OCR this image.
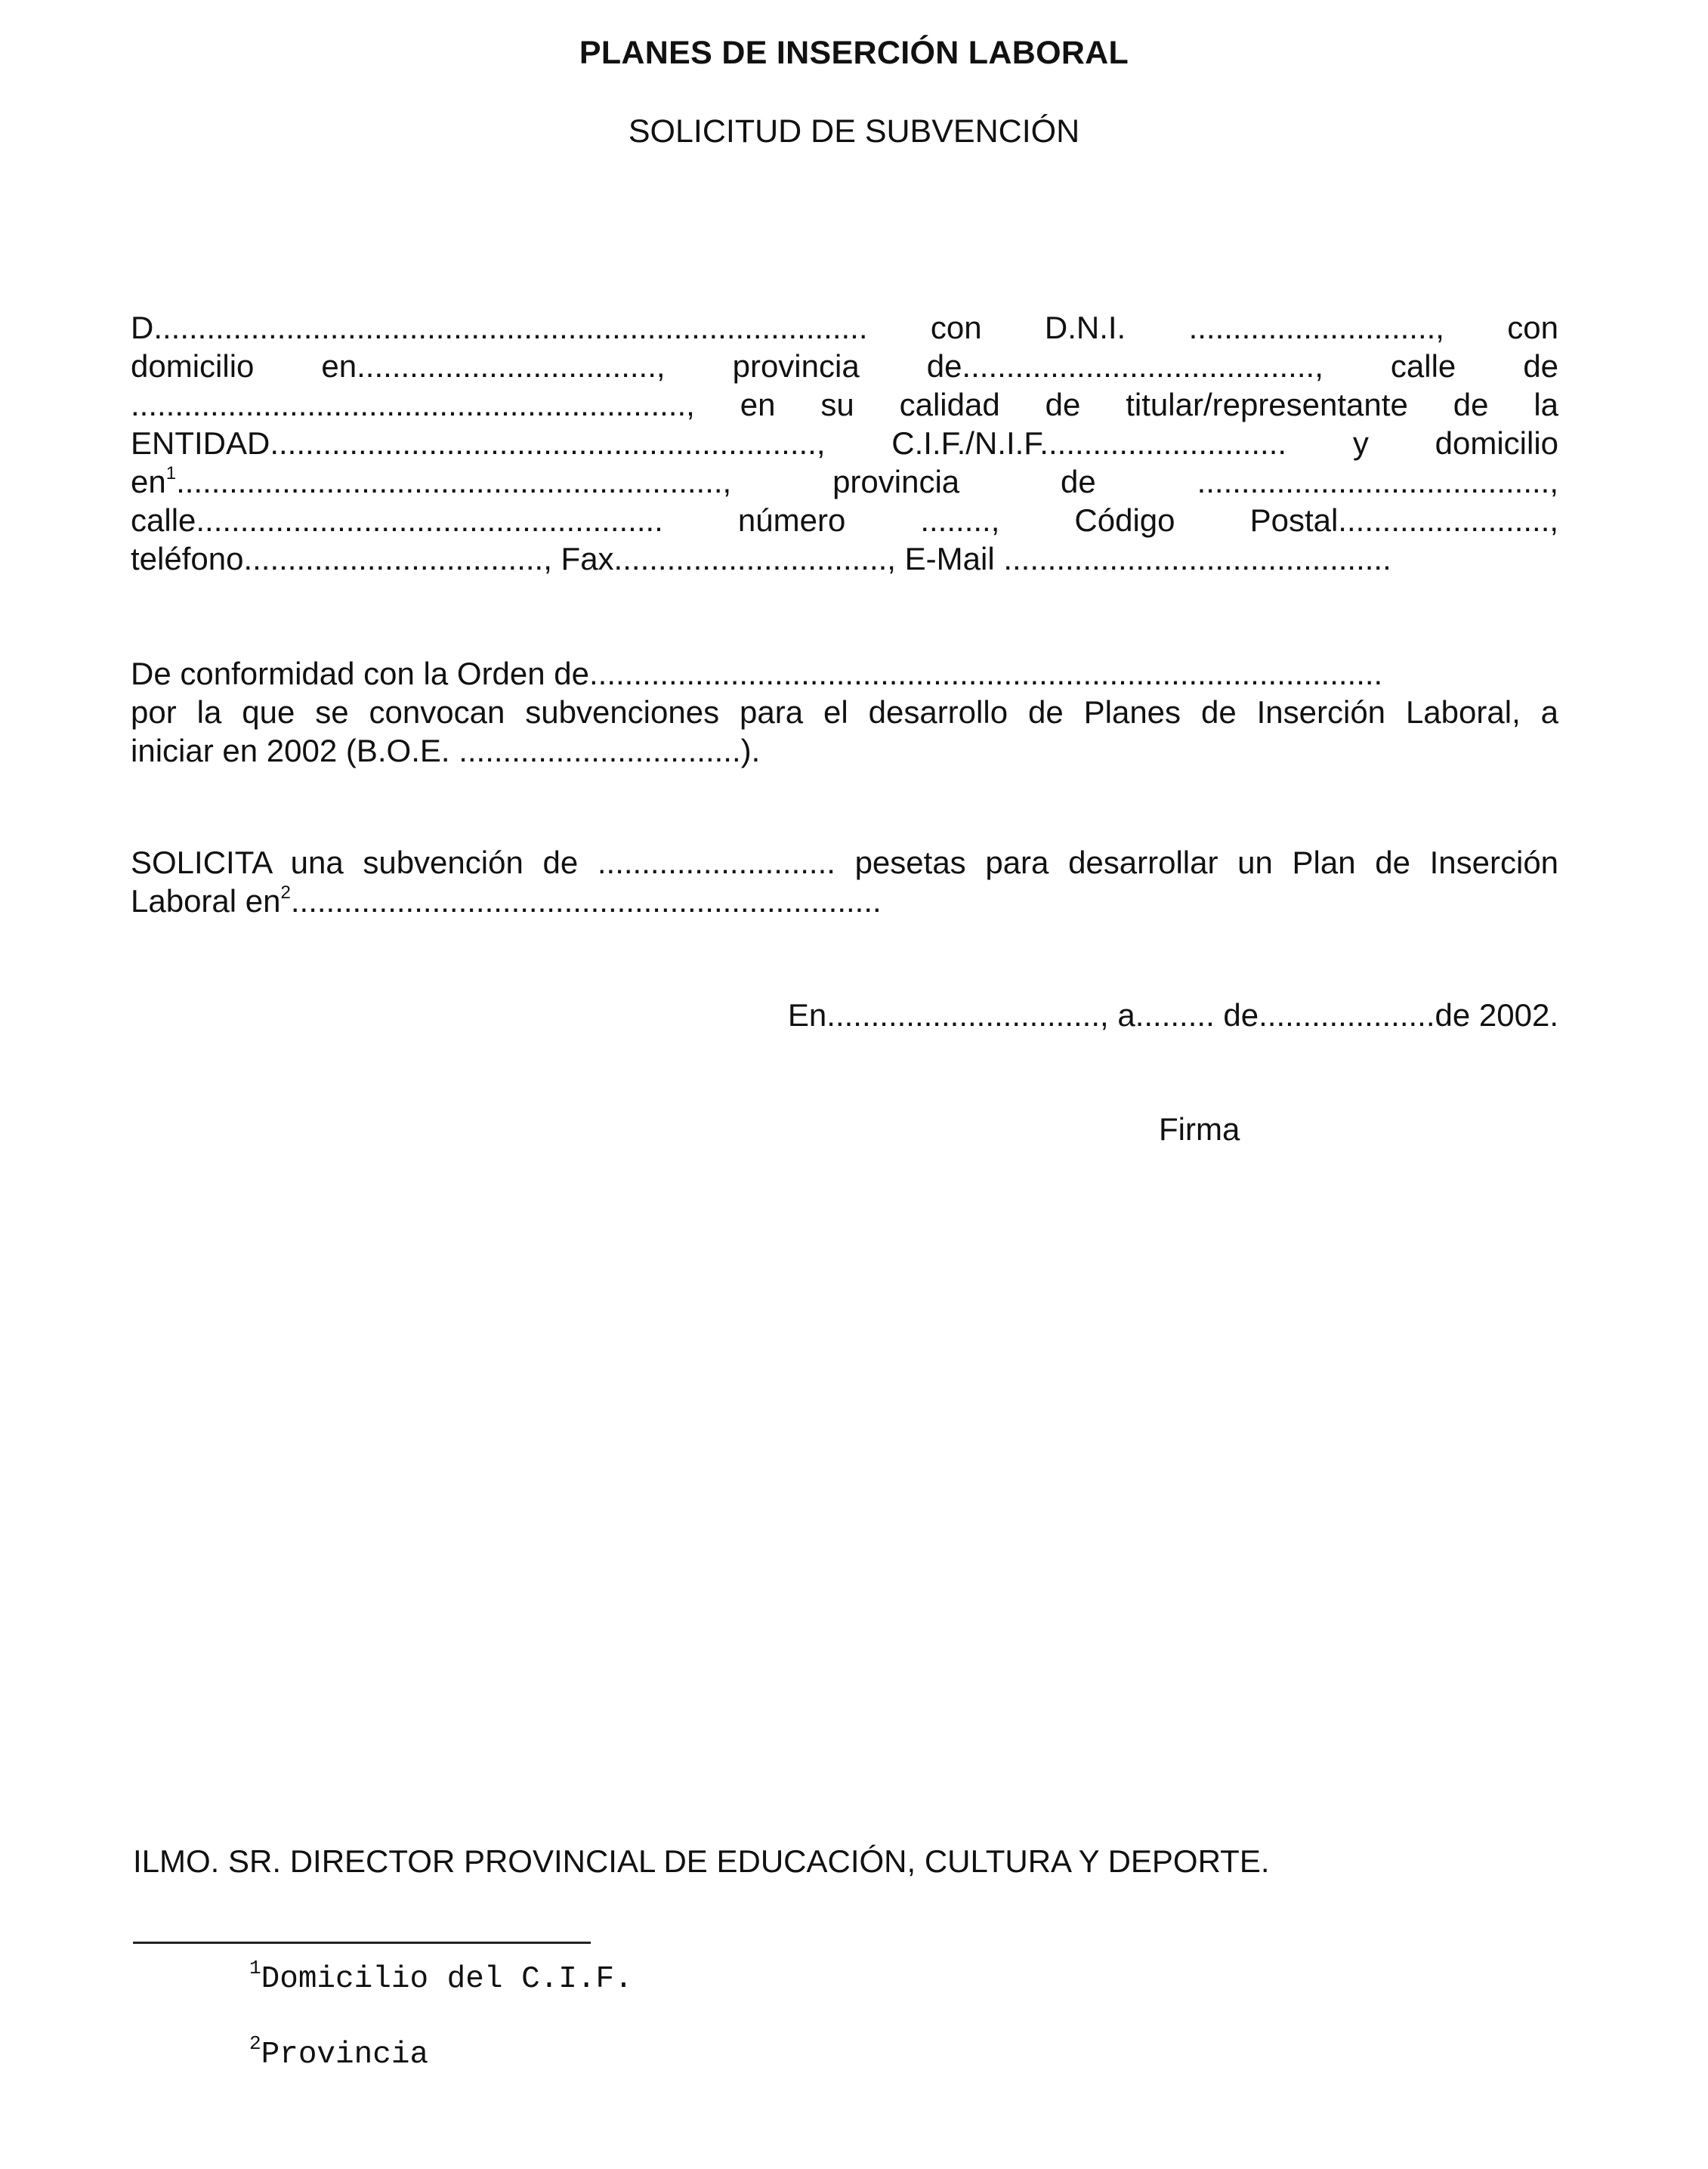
PLANES DE INSERCIÓN LABORAL
SOLICITUD DE SUBVENCIÓN
D................................................................................. con D.N.I. ............................, con
domicilio en.................................., provincia de........................................, calle de
..............................................................., en su calidad de titular/representante de la
ENTIDAD.............................................................., C.I.F./N.I.F............................ y domicilio
en$^1$..............................................................,	provincia	de	........................................,
calle..................................................... número ........, Código Postal........................,
teléfono.................................., Fax..............................., E-Mail ............................................
De conformidad con la Orden de..........................................................................................
por la que se convocan subvenciones para el desarrollo de Planes de Inserción Laboral, a
iniciar en 2002 (B.O.E. ................................).
SOLICITA una subvención de ........................... pesetas para desarrollar un Plan de Inserción
Laboral en$^2$...................................................................
En..............................., a......... de....................de 2002.
Firma
ILMO. SR. DIRECTOR PROVINCIAL DE EDUCACIÓN, CULTURA Y DEPORTE.
$^1$Domicilio del C.I.F.
$^2$Provincia
